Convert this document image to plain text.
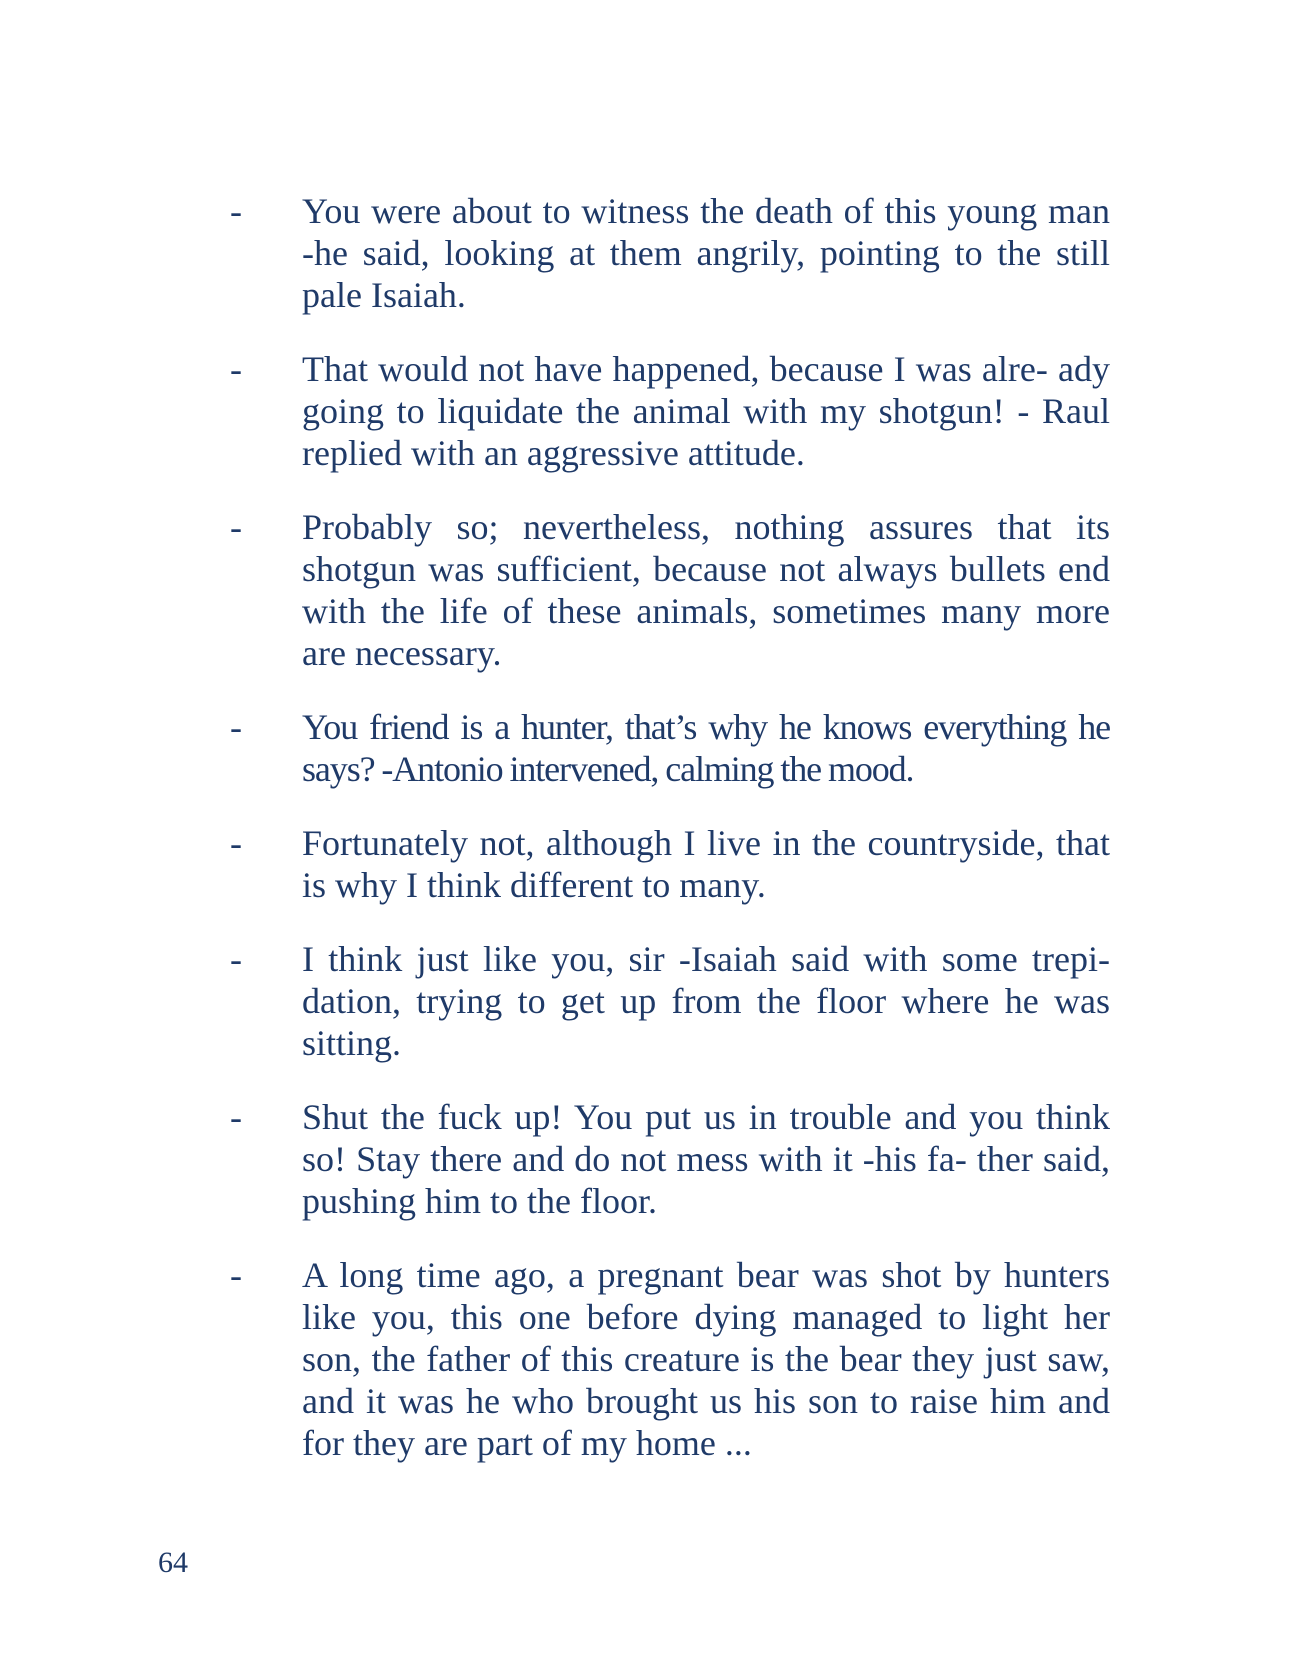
- You were about to witness the death of this young man -he said, looking at them angrily, pointing to the still pale Isaiah.
- That would not have happened, because I was alre- ady going to liquidate the animal with my shotgun! - Raul replied with an aggressive attitude.
- Probably so; nevertheless, nothing assures that its shotgun was sufficient, because not always bullets end with the life of these animals, sometimes many more are necessary.
- You friend is a hunter, that’s why he knows everything he says? -Antonio intervened, calming the mood.
- Fortunately not, although I live in the countryside, that is why I think different to many.
- I think just like you, sir -Isaiah said with some trepi- dation, trying to get up from the floor where he was sitting.
- Shut the fuck up! You put us in trouble and you think so! Stay there and do not mess with it -his fa- ther said, pushing him to the floor.
- A long time ago, a pregnant bear was shot by hunters like you, this one before dying managed to light her son, the father of this creature is the bear they just saw, and it was he who brought us his son to raise him and for they are part of my home ...
64
